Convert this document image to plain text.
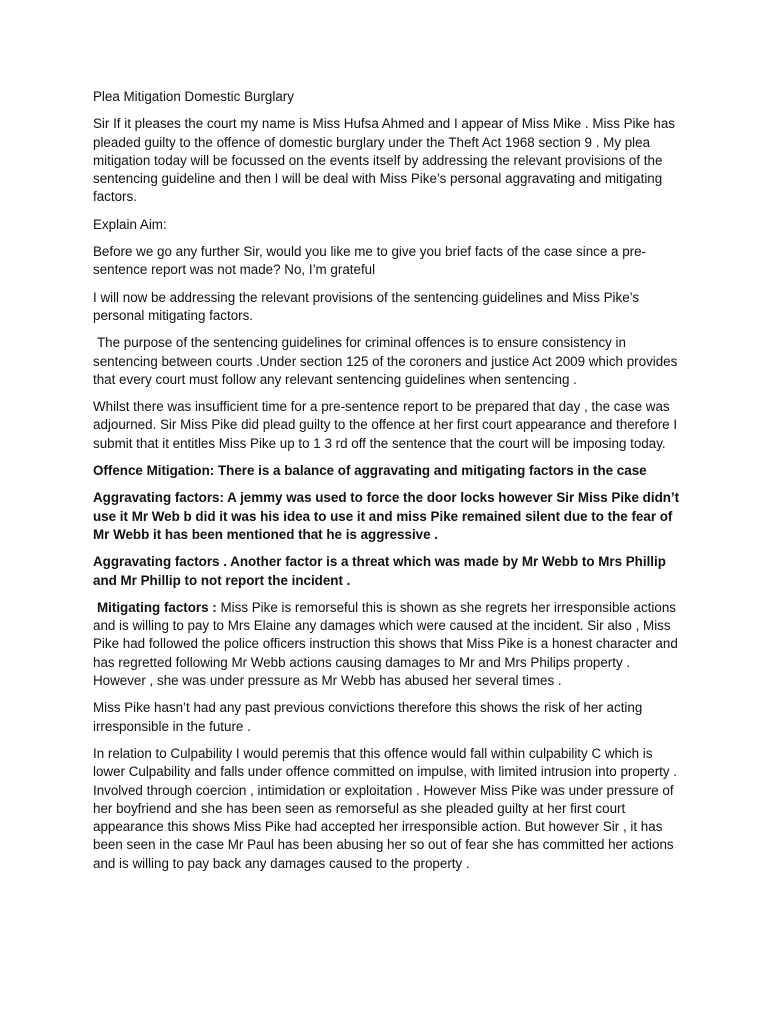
Plea Mitigation Domestic Burglary

Sir If it pleases the court my name is Miss Hufsa Ahmed and I appear of Miss Mike . Miss Pike has pleaded guilty to the offence of domestic burglary under the Theft Act 1968 section 9 . My plea mitigation today will be focussed on the events itself by addressing the relevant provisions of the sentencing guideline and then I will be deal with Miss Pike’s personal aggravating and mitigating factors.

Explain Aim:

Before we go any further Sir, would you like me to give you brief facts of the case since a pre- sentence report was not made? No, I’m grateful

I will now be addressing the relevant provisions of the sentencing guidelines and Miss Pike’s personal mitigating factors.

The purpose of the sentencing guidelines for criminal offences is to ensure consistency in sentencing between courts .Under section 125 of the coroners and justice Act 2009 which provides that every court must follow any relevant sentencing guidelines when sentencing .

Whilst there was insufficient time for a pre-sentence report to be prepared that day , the case was adjourned. Sir Miss Pike did plead guilty to the offence at her first court appearance and therefore I submit that it entitles Miss Pike up to 1 3 rd off the sentence that the court will be imposing today.

Offence Mitigation: There is a balance of aggravating and mitigating factors in the case

Aggravating factors: A jemmy was used to force the door locks however Sir Miss Pike didn’t use it Mr Web b did it was his idea to use it and miss Pike remained silent due to the fear of Mr Webb it has been mentioned that he is aggressive .

Aggravating factors . Another factor is a threat which was made by Mr Webb to Mrs Phillip and Mr Phillip to not report the incident .

Mitigating factors : Miss Pike is remorseful this is shown as she regrets her irresponsible actions and is willing to pay to Mrs Elaine any damages which were caused at the incident. Sir also , Miss Pike had followed the police officers instruction this shows that Miss Pike is a honest character and has regretted following Mr Webb actions causing damages to Mr and Mrs Philips property . However , she was under pressure as Mr Webb has abused her several times .

Miss Pike hasn’t had any past previous convictions therefore this shows the risk of her acting irresponsible in the future .

In relation to Culpability I would peremis that this offence would fall within culpability C which is lower Culpability and falls under offence committed on impulse, with limited intrusion into property . Involved through coercion , intimidation or exploitation . However Miss Pike was under pressure of her boyfriend and she has been seen as remorseful as she pleaded guilty at her first court appearance this shows Miss Pike had accepted her irresponsible action. But however Sir , it has been seen in the case Mr Paul has been abusing her so out of fear she has committed her actions and is willing to pay back any damages caused to the property .
